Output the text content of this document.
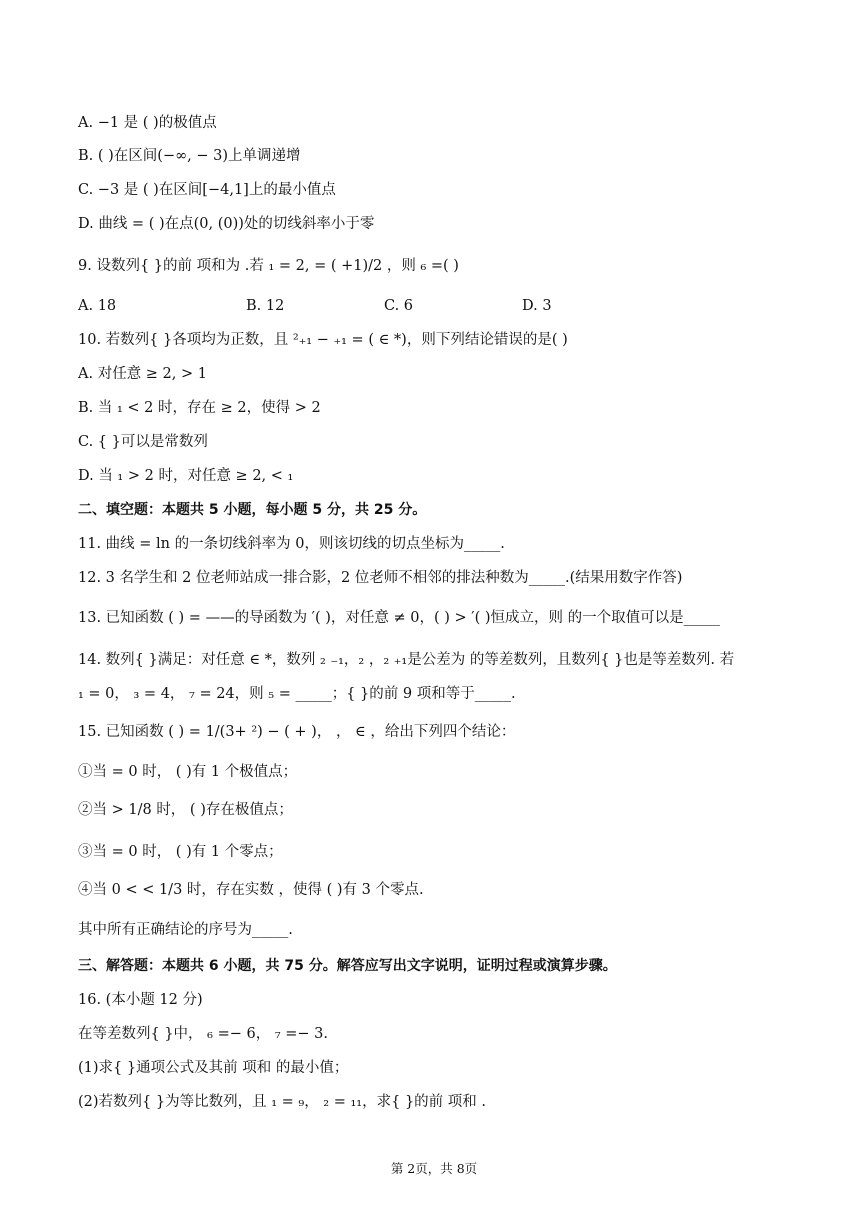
A. −1 是 ( )的极值点
B. ( )在区间(−∞, − 3)上单调递增
C. −3 是 ( )在区间[−4,1]上的最小值点
D. 曲线 = ( )在点(0, (0))处的切线斜率小于零
9. 设数列{ }的前 项和为 .若 ₁ = 2, = ( +1)/2 ，则 ₆ =( )
A. 18	B. 12	C. 6	D. 3
10. 若数列{ }各项均为正数，且 ²₊₁ − ₊₁ = ( ∈ *)，则下列结论错误的是( )
A. 对任意 ≥ 2, > 1
B. 当 ₁ < 2 时，存在 ≥ 2，使得 > 2
C. { }可以是常数列
D. 当 ₁ > 2 时，对任意 ≥ 2, < ₁
二、填空题：本题共 5 小题，每小题 5 分，共 25 分。
11. 曲线 = ln 的一条切线斜率为 0，则该切线的切点坐标为_____.
12. 3 名学生和 2 位老师站成一排合影，2 位老师不相邻的排法种数为_____.(结果用数字作答)
13. 已知函数 ( ) = ——的导函数为 ′( )，对任意 ≠ 0，( ) > ′( )恒成立，则 的一个取值可以是_____
14. 数列{ }满足：对任意 ∈ *，数列 ₂ ₋₁，₂ ，₂ ₊₁是公差为 的等差数列，且数列{ }也是等差数列. 若
₁ = 0， ₃ = 4， ₇ = 24，则 ₅ = _____；{ }的前 9 项和等于_____.
15. 已知函数 ( ) = 1/(3+ ²) − ( + )， ， ∈ ，给出下列四个结论：
①当 = 0 时， ( )有 1 个极值点；
②当 > 1/8 时， ( )存在极值点；
③当 = 0 时， ( )有 1 个零点；
④当 0 < < 1/3 时，存在实数 ，使得 ( )有 3 个零点.
其中所有正确结论的序号为_____.
三、解答题：本题共 6 小题，共 75 分。解答应写出文字说明，证明过程或演算步骤。
16. (本小题 12 分)
在等差数列{ }中， ₆ =− 6， ₇ =− 3.
(1)求{ }通项公式及其前 项和 的最小值；
(2)若数列{ }为等比数列，且 ₁ = ₉， ₂ = ₁₁，求{ }的前 项和 .
第 2页，共 8页
